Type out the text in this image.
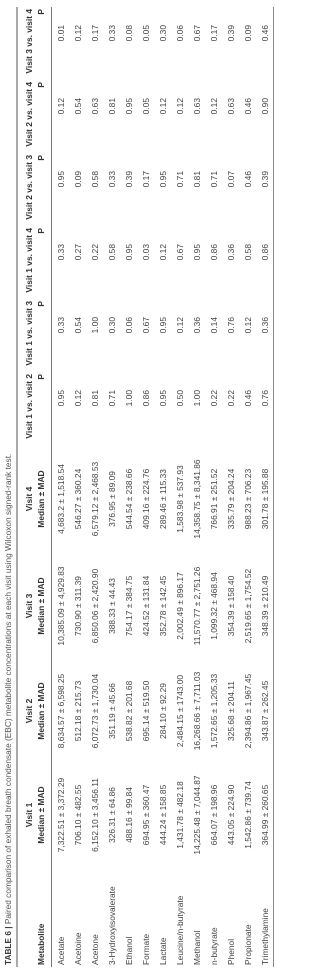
TABLE 6 | Paired comparison of exhaled breath condensate (EBC) metabolite concentrations at each visit using Wilcoxon signed-rank test.
	Visit 1	Visit 2	Visit 3	Visit 4	Visit 1 vs. visit 2	Visit 1 vs. visit 3	Visit 1 vs. visit 4	Visit 2 vs. visit 3	Visit 2 vs. visit 4	Visit 3 vs. visit 4
Metabolite	Median ± MAD	Median ± MAD	Median ± MAD	Median ± MAD	P	P	P	P	P	P
Acetate	7,322.51 ± 3,372.29	8,634.57 ± 6,598.25	10,385.09 ± 4,929.83	4,683.2 ± 1,518.54	0.95	0.33	0.33	0.95	0.12	0.01
Acetoine	706.10 ± 482.55	512.18 ± 215.73	730.90 ± 311.39	546.27 ± 360.24	0.12	0.54	0.27	0.09	0.54	0.12
Acetone	6,152.10 ± 3,456.11	6,072.73 ± 1,730.04	6,850.06 ± 2,420.90	6,579.12 ± 2,468.53	0.81	1.00	0.22	0.58	0.63	0.17
3-Hydroxyisovalerate	326.31 ± 64.86	351.19 ± 45.66	388.33 ± 44.43	376.95 ± 89.09	0.71	0.30	0.58	0.33	0.81	0.33
Ethanol	488.16 ± 99.84	538.82 ± 201.68	754.17 ± 384.75	544.54 ± 238.66	1.00	0.06	0.95	0.39	0.95	0.08
Formate	694.95 ± 360.47	695.14 ± 519.50	424.52 ± 131.84	409.16 ± 224.76	0.86	0.67	0.03	0.17	0.05	0.05
Lactate	444.24 ± 158.85	284.10 ± 92.29	352.78 ± 142.45	289.46 ± 115.33	0.95	0.95	0.12	0.95	0.12	0.30
Leucine/n-butyrate	1,431.78 ± 482.18	2,484.15 ± 1743.00	2,002.49 ± 896.17	1,583.98 ± 537.93	0.50	0.12	0.67	0.71	0.12	0.06
Methanol	14,225.48 ± 7,044.87	16,268.66 ± 7,711.03	11,570.77 ± 2,751.26	14,358.75 ± 8,341.86	1.00	0.36	0.95	0.81	0.63	0.67
n-butyrate	664.07 ± 198.96	1,572.65 ± 1,205.33	1,099.32 ± 468.94	766.91 ± 251.52	0.22	0.14	0.86	0.71	0.12	0.17
Phenol	443.05 ± 224.90	325.68 ± 204.11	354.39 ± 158.40	335.79 ± 204.24	0.22	0.76	0.36	0.07	0.63	0.39
Propionate	1,542.86 ± 739.74	2,394.86 ± 1,967.45	2,519.65 ± 1,754.52	988.23 ± 706.23	0.46	0.12	0.58	0.46	0.46	0.09
Trimethylamine	364.99 ± 260.65	343.87 ± 262.45	348.39 ± 210.49	301.78 ± 195.88	0.76	0.36	0.86	0.39	0.90	0.46
